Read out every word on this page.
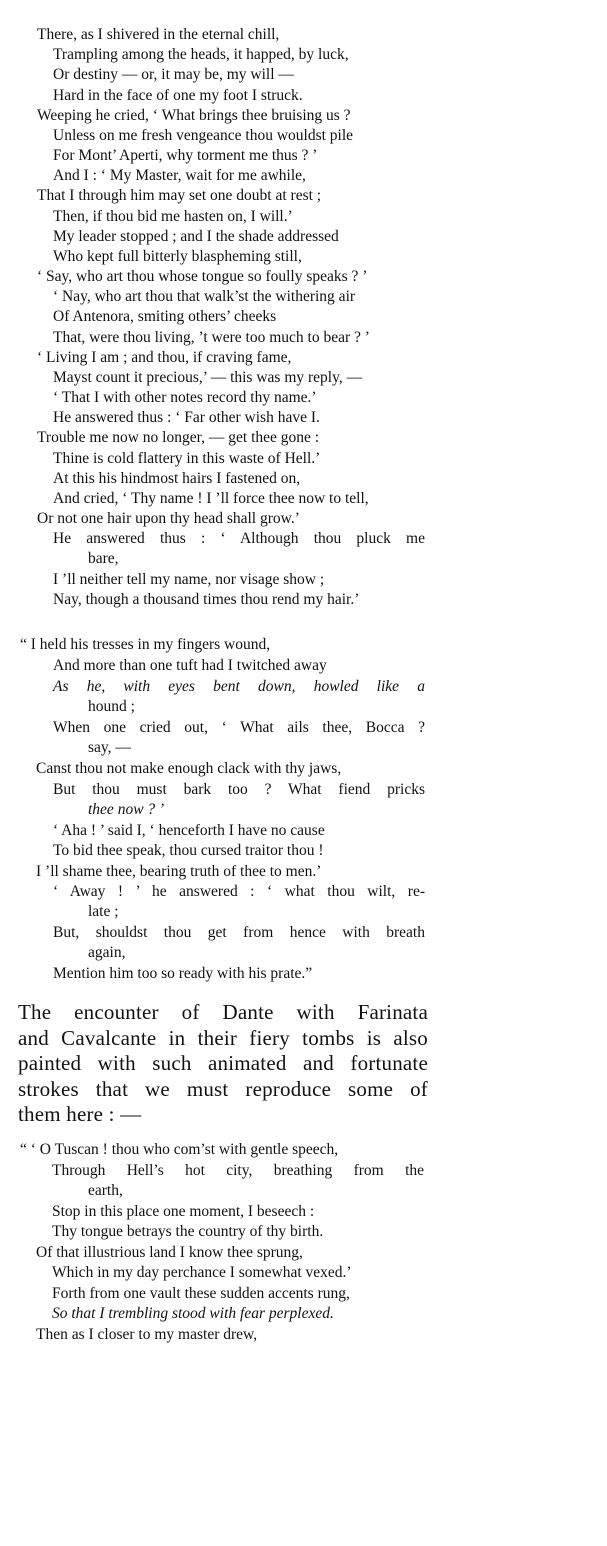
There, as I shivered in the eternal chill,
Trampling among the heads, it happed, by luck,
Or destiny — or, it may be, my will —
Hard in the face of one my foot I struck.
Weeping he cried, ‘ What brings thee bruising us ?
Unless on me fresh vengeance thou wouldst pile
For Mont’ Aperti, why torment me thus ? ’
And I : ‘ My Master, wait for me awhile,
That I through him may set one doubt at rest ;
Then, if thou bid me hasten on, I will.’
My leader stopped ; and I the shade addressed
Who kept full bitterly blaspheming still,
‘ Say, who art thou whose tongue so foully speaks ? ’
‘ Nay, who art thou that walk’st the withering air
Of Antenora, smiting others’ cheeks
That, were thou living, ’t were too much to bear ? ’
‘ Living I am ; and thou, if craving fame,
Mayst count it precious,’ — this was my reply, —
‘ That I with other notes record thy name.’
He answered thus : ‘ Far other wish have I.
Trouble me now no longer, — get thee gone :
Thine is cold flattery in this waste of Hell.’
At this his hindmost hairs I fastened on,
And cried, ‘ Thy name ! I ’ll force thee now to tell,
Or not one hair upon thy head shall grow.’
He answered thus : ‘ Although thou pluck me
bare,
I ’ll neither tell my name, nor visage show ;
Nay, though a thousand times thou rend my hair.’
“ I held his tresses in my fingers wound,
And more than one tuft had I twitched away
As he, with eyes bent down, howled like a
hound ;
When one cried out, ‘ What ails thee, Bocca ?
say, —
Canst thou not make enough clack with thy jaws,
But thou must bark too ? What fiend pricks
thee now ? ’
‘ Aha ! ’ said I, ‘ henceforth I have no cause
To bid thee speak, thou cursed traitor thou !
I ’ll shame thee, bearing truth of thee to men.’
‘ Away ! ’ he answered : ‘ what thou wilt, re-
late ;
But, shouldst thou get from hence with breath
again,
Mention him too so ready with his prate.”
The encounter of Dante with Farinata
and Cavalcante in their fiery tombs is also
painted with such animated and fortunate
strokes that we must reproduce some of
them here : —
“ ‘ O Tuscan ! thou who com’st with gentle speech,
Through Hell’s hot city, breathing from the
earth,
Stop in this place one moment, I beseech :
Thy tongue betrays the country of thy birth.
Of that illustrious land I know thee sprung,
Which in my day perchance I somewhat vexed.’
Forth from one vault these sudden accents rung,
So that I trembling stood with fear perplexed.
Then as I closer to my master drew,
